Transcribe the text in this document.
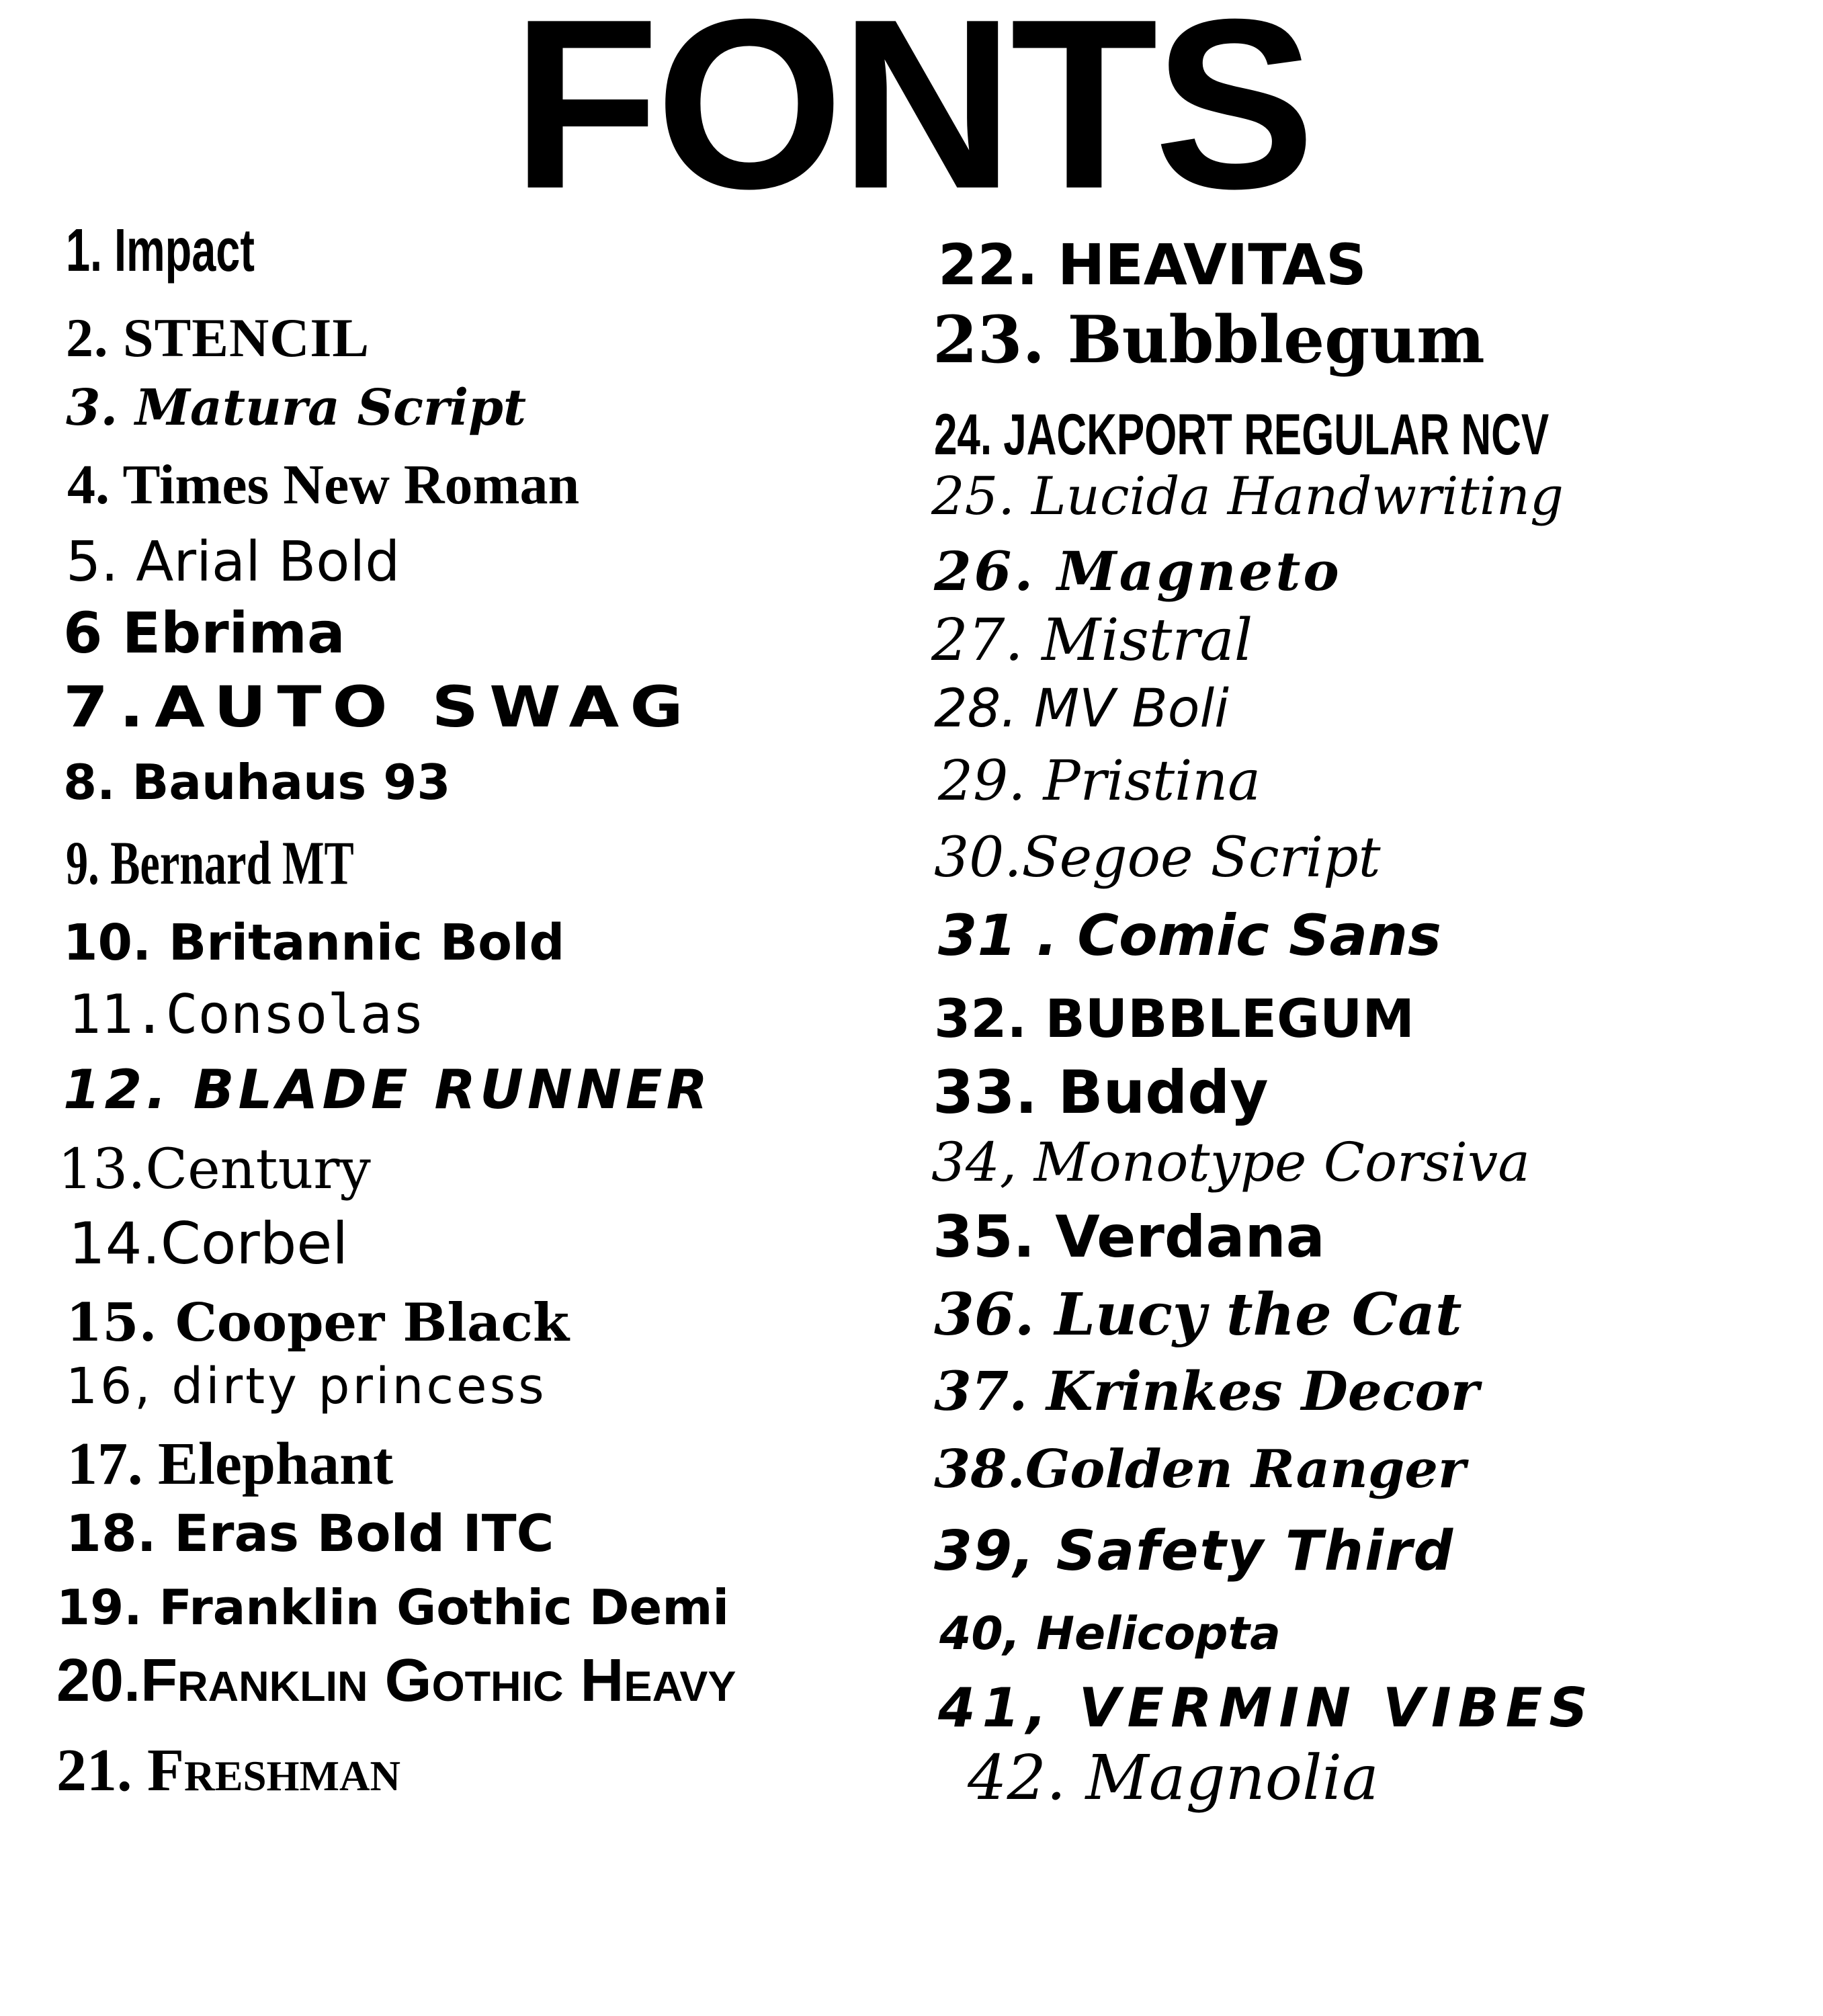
FONTS
1. Impact
2. STENCIL
3. Matura Script
4. Times New Roman
5. Arial Bold
6 Ebrima
7.AUTO SWAG
8. Bauhaus 93
9. Bernard MT
10. Britannic Bold
11.Consolas
12. BLADE RUNNER
13.Century
14.Corbel
15. Cooper Black
16, dirty princess
17. Elephant
18. Eras Bold ITC
19. Franklin Gothic Demi
20.Franklin Gothic Heavy
21. Freshman
22. HEAVITAS
23. Bubblegum
24. JACKPORT REGULAR NCV
25. Lucida Handwriting
26. Magneto
27. Mistral
28. MV Boli
29. Pristina
30.Segoe Script
31 . Comic Sans
32. BUBBLEGUM
33. Buddy
34, Monotype Corsiva
35. Verdana
36. Lucy the Cat
37. Krinkes Decor
38.Golden Ranger
39, Safety Third
40, Helicopta
41, VERMIN VIBES
42. Magnolia
